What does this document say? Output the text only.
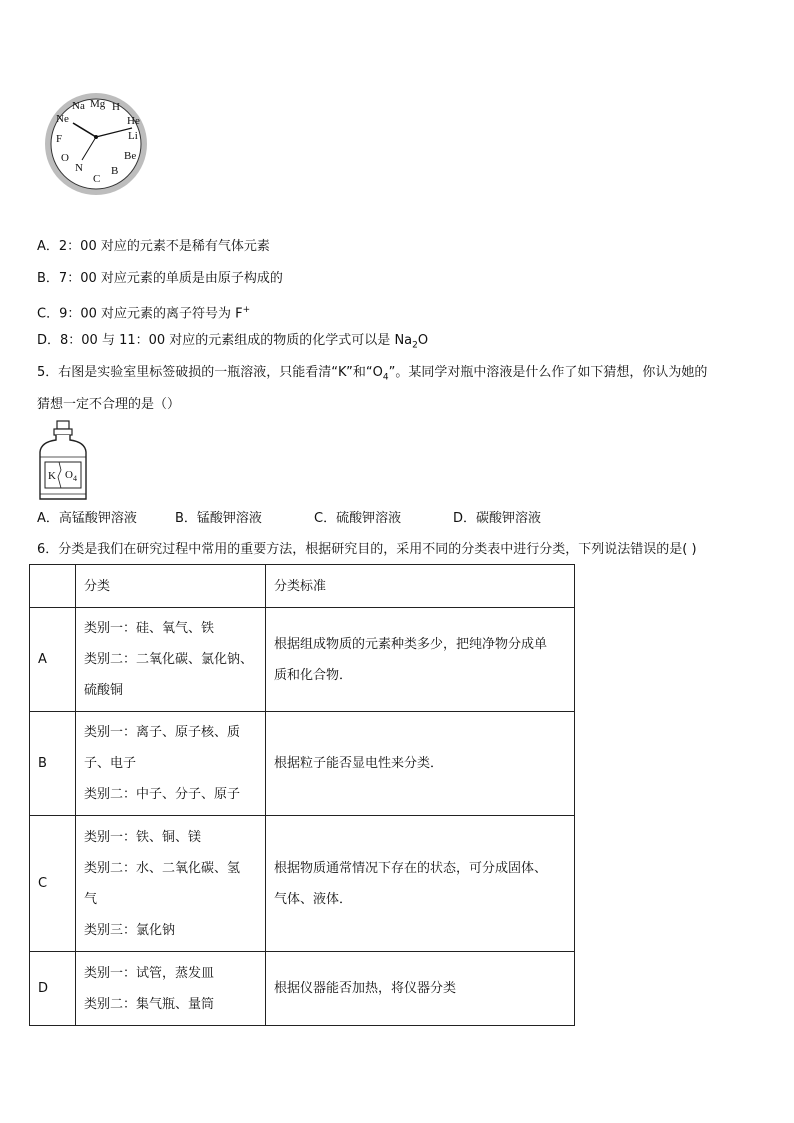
Mg H
He
Li
Be
B
C
N
O
F
Ne
Na
A．2：00 对应的元素不是稀有气体元素
B．7：00 对应元素的单质是由原子构成的
C．9：00 对应元素的离子符号为 F+
D．8：00 与 11：00 对应的元素组成的物质的化学式可以是 $Na_2O$
5．右图是实验室里标签破损的一瓶溶液，只能看清“K”和“$O_4$”。某同学对瓶中溶液是什么作了如下猜想，你认为她的
猜想一定不合理的是（）
K $O_4$
A．高锰酸钾溶液	B．锰酸钾溶液	C．硫酸钾溶液	D．碳酸钾溶液
6．分类是我们在研究过程中常用的重要方法，根据研究目的，采用不同的分类表中进行分类，下列说法错误的是( )
	分类	分类标准
A	类别一：硅、氧气、铁
类别二：二氧化碳、氯化钠、
硫酸铜	根据组成物质的元素种类多少，把纯净物分成单
质和化合物．

B	类别一：离子、原子核、质
子、电子
类别二：中子、分子、原子	根据粒子能否显电性来分类．

C	类别一：铁、铜、镁
类别二：水、二氧化碳、氢
气
类别三：氯化钠	根据物质通常情况下存在的状态，可分成固体、
气体、液体．

D	类别一：试管，蒸发皿
类别二：集气瓶、量筒	根据仪器能否加热，将仪器分类
